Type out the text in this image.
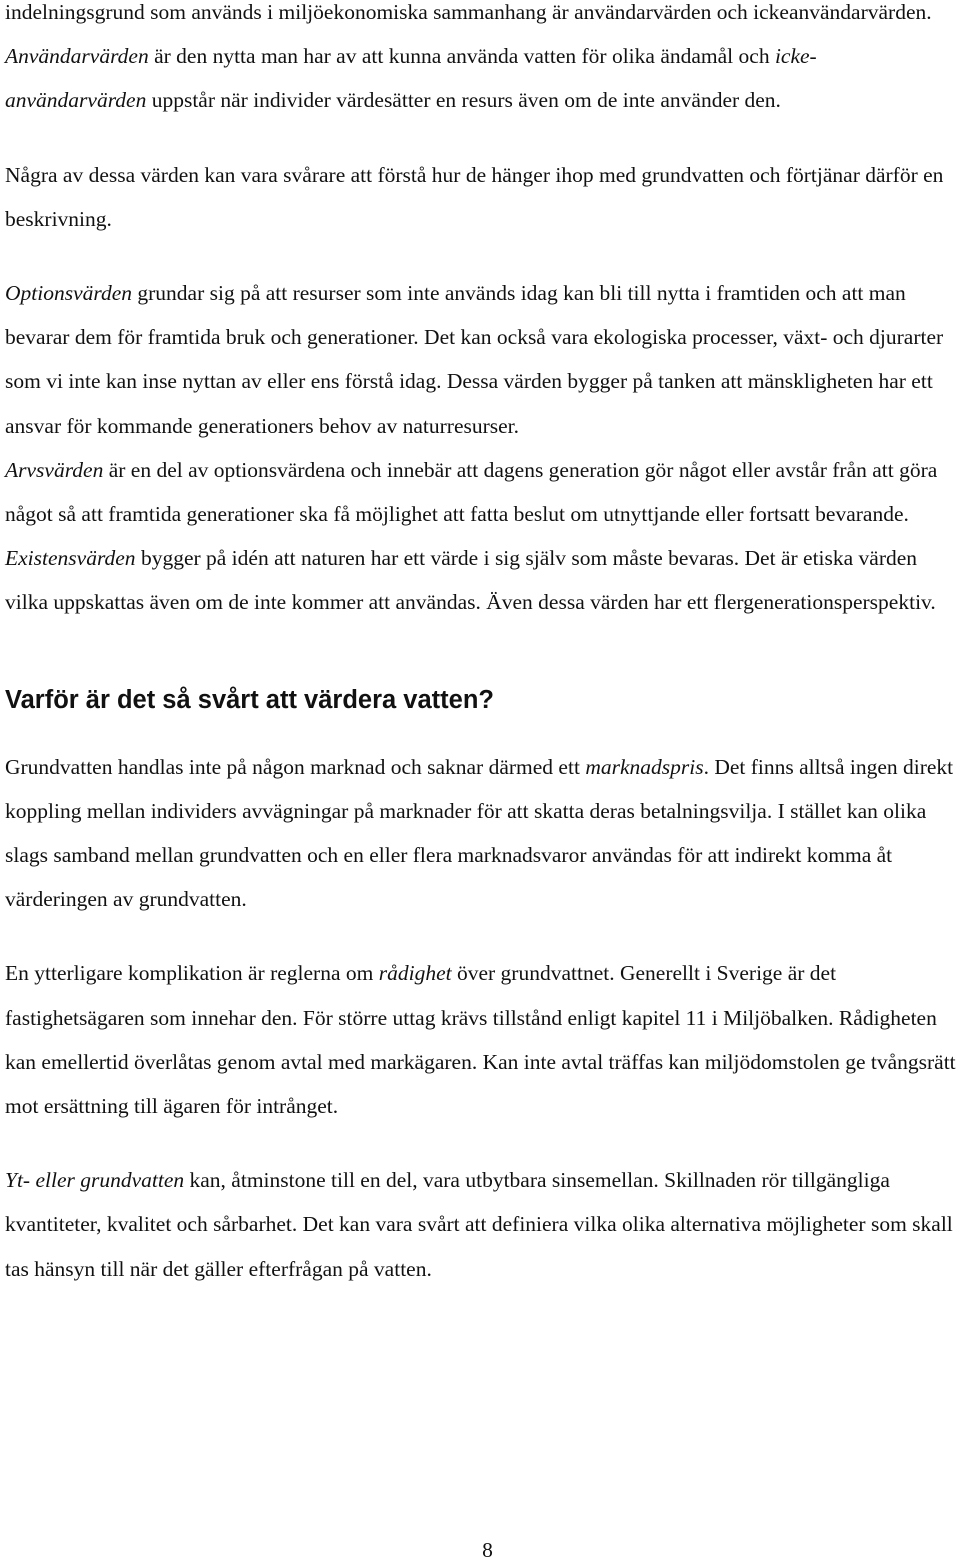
indelningsgrund som används i miljöekonomiska sammanhang är användarvärden och ickeanvändarvärden. Användarvärden är den nytta man har av att kunna använda vatten för olika ändamål och icke-användarvärden uppstår när individer värdesätter en resurs även om de inte använder den.

Några av dessa värden kan vara svårare att förstå hur de hänger ihop med grundvatten och förtjänar därför en beskrivning.

Optionsvärden grundar sig på att resurser som inte används idag kan bli till nytta i framtiden och att man bevarar dem för framtida bruk och generationer. Det kan också vara ekologiska processer, växt- och djurarter som vi inte kan inse nyttan av eller ens förstå idag. Dessa värden bygger på tanken att mänskligheten har ett ansvar för kommande generationers behov av naturresurser.

Arvsvärden är en del av optionsvärdena och innebär att dagens generation gör något eller avstår från att göra något så att framtida generationer ska få möjlighet att fatta beslut om utnyttjande eller fortsatt bevarande.

Existensvärden bygger på idén att naturen har ett värde i sig själv som måste bevaras. Det är etiska värden vilka uppskattas även om de inte kommer att användas. Även dessa värden har ett flergenerationsperspektiv.

Varför är det så svårt att värdera vatten?

Grundvatten handlas inte på någon marknad och saknar därmed ett marknadspris. Det finns alltså ingen direkt koppling mellan individers avvägningar på marknader för att skatta deras betalningsvilja. I stället kan olika slags samband mellan grundvatten och en eller flera marknadsvaror användas för att indirekt komma åt värderingen av grundvatten.

En ytterligare komplikation är reglerna om rådighet över grundvattnet. Generellt i Sverige är det fastighetsägaren som innehar den. För större uttag krävs tillstånd enligt kapitel 11 i Miljöbalken. Rådigheten kan emellertid överlåtas genom avtal med markägaren. Kan inte avtal träffas kan miljödomstolen ge tvångsrätt mot ersättning till ägaren för intrånget.

Yt- eller grundvatten kan, åtminstone till en del, vara utbytbara sinsemellan. Skillnaden rör tillgängliga kvantiteter, kvalitet och sårbarhet. Det kan vara svårt att definiera vilka olika alternativa möjligheter som skall tas hänsyn till när det gäller efterfrågan på vatten.

8
